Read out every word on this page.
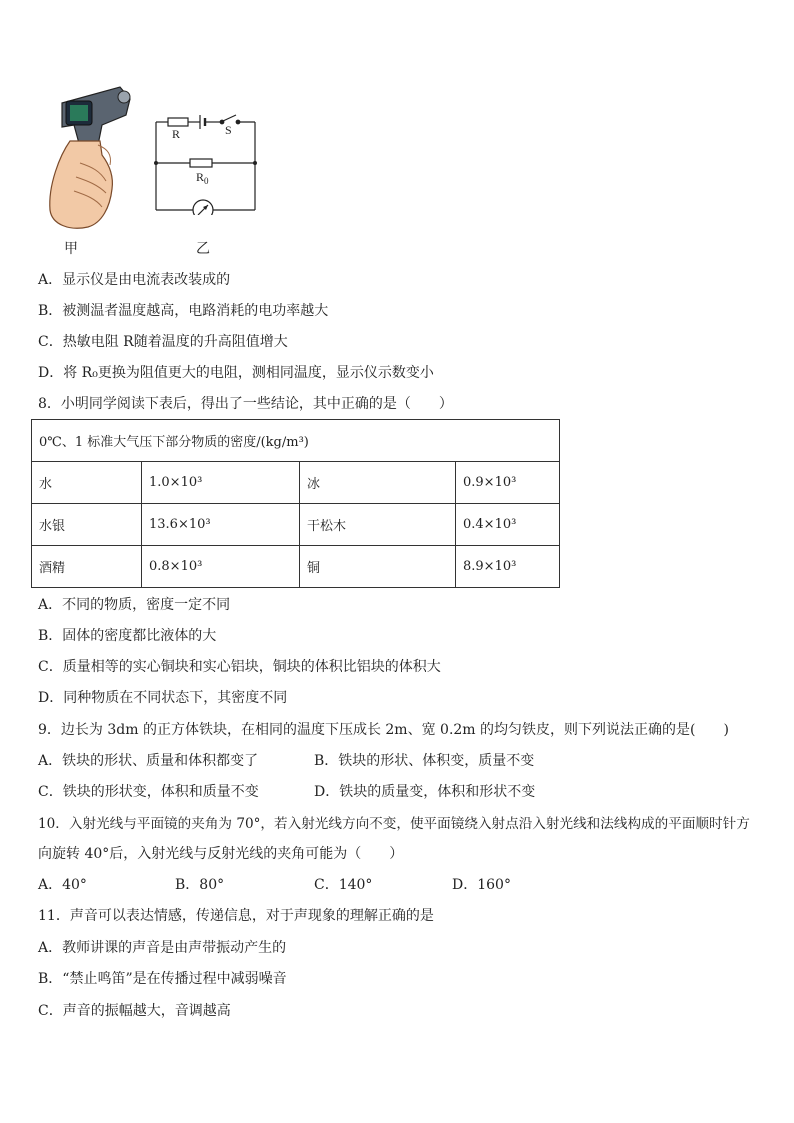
R	S
$R_0$
甲	乙
A．显示仪是由电流表改装成的
B．被测温者温度越高，电路消耗的电功率越大
C．热敏电阻 R随着温度的升高阻值增大
D．将 R₀更换为阻值更大的电阻，测相同温度，显示仪示数变小
8．小明同学阅读下表后，得出了一些结论，其中正确的是（　　）
0℃、1 标准大气压下部分物质的密度/(kg/m³)			
水	1.0×10³	冰	0.9×10³
水银	13.6×10³	干松木	0.4×10³
酒精	0.8×10³	铜	8.9×10³
A．不同的物质，密度一定不同
B．固体的密度都比液体的大
C．质量相等的实心铜块和实心铝块，铜块的体积比铝块的体积大
D．同种物质在不同状态下，其密度不同
9．边长为 3dm 的正方体铁块，在相同的温度下压成长 2m、宽 0.2m 的均匀铁皮，则下列说法正确的是(　　)
A．铁块的形状、质量和体积都变了	B．铁块的形状、体积变，质量不变
C．铁块的形状变，体积和质量不变	D．铁块的质量变，体积和形状不变
10．入射光线与平面镜的夹角为 70°，若入射光线方向不变，使平面镜绕入射点沿入射光线和法线构成的平面顺时针方
向旋转 40°后，入射光线与反射光线的夹角可能为（　　）
A．40°	B．80°	C．140°	D．160°
11．声音可以表达情感，传递信息，对于声现象的理解正确的是
A．教师讲课的声音是由声带振动产生的
B．“禁止鸣笛”是在传播过程中减弱噪音
C．声音的振幅越大，音调越高
